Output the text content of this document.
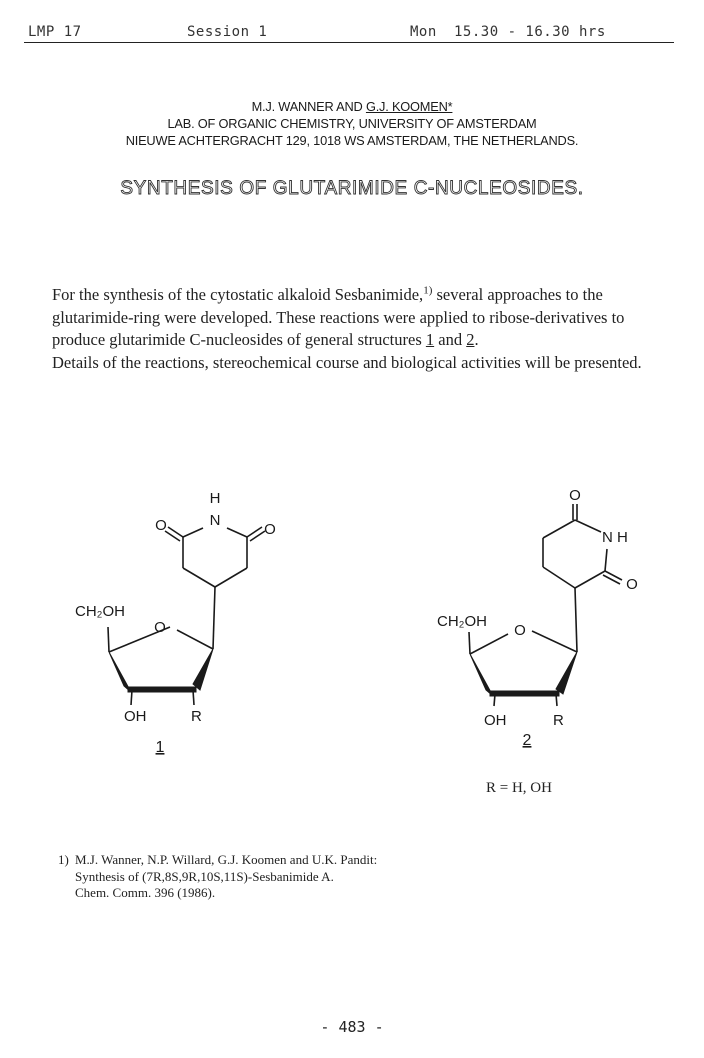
LMP 17	Session 1	Mon 15.30 - 16.30 hrs
M.J. WANNER AND G.J. KOOMEN*
LAB. OF ORGANIC CHEMISTRY, UNIVERSITY OF AMSTERDAM
NIEUWE ACHTERGRACHT 129, 1018 WS AMSTERDAM, THE NETHERLANDS.
SYNTHESIS OF GLUTARIMIDE C-NUCLEOSIDES.

For the synthesis of the cytostatic alkaloid Sesbanimide,$^{1)}$ several approaches to the glutarimide-ring were developed. These reactions were applied to ribose-derivatives to produce glutarimide C-nucleosides of general structures 1 and 2.

Details of the reactions, stereochemical course and biological activities will be presented.

H
N
O	O
CH₂OH
O
OH	R
1
O
N H
O
CH₂OH
O
OH	R
2
R = H, OH
1) M.J. Wanner, N.P. Willard, G.J. Koomen and U.K. Pandit:
Synthesis of (7R,8S,9R,10S,11S)-Sesbanimide A.
Chem. Comm. 396 (1986).
- 483 -
